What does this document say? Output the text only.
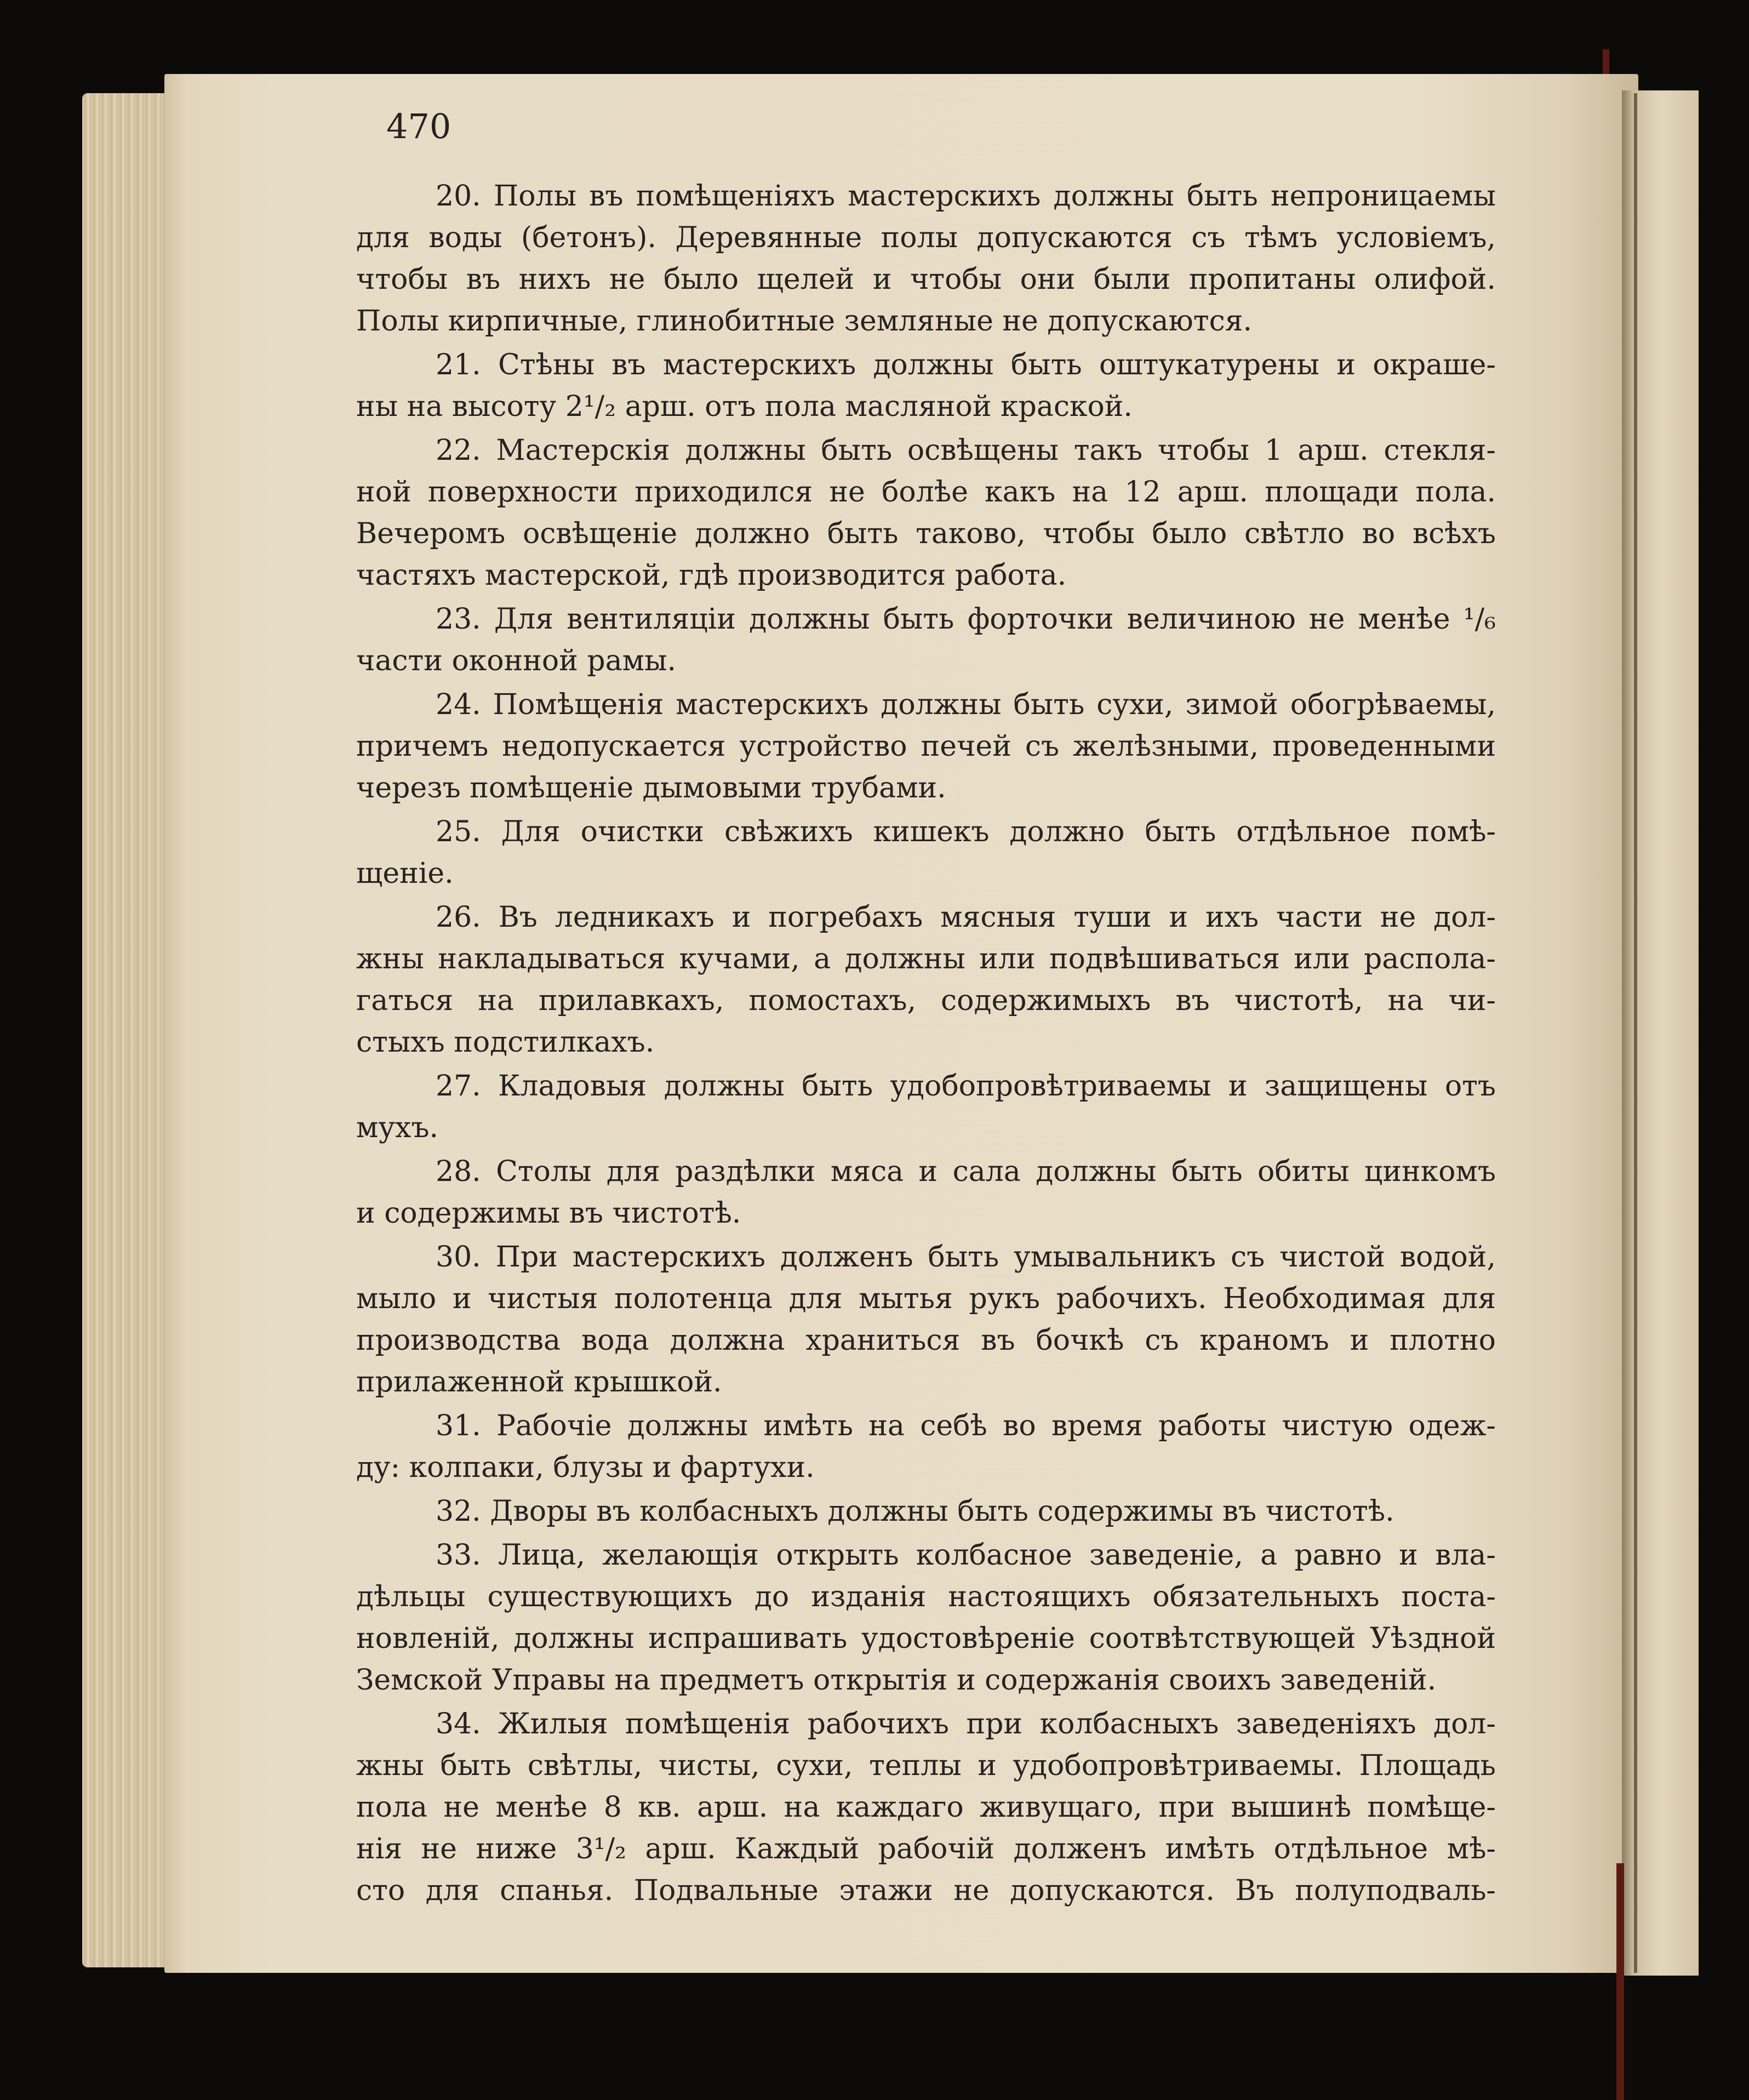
470
20. Полы въ помѣщеніяхъ мастерскихъ должны быть непроницаемы
для воды (бетонъ). Деревянные полы допускаются съ тѣмъ условіемъ,
чтобы въ нихъ не было щелей и чтобы они были пропитаны олифой.
Полы кирпичные, глинобитные земляные не допускаются.
21. Стѣны въ мастерскихъ должны быть оштукатурены и окраше-
ны на высоту 2¹/₂ арш. отъ пола масляной краской.
22. Мастерскія должны быть освѣщены такъ чтобы 1 арш. стекля-
ной поверхности приходился не болѣе какъ на 12 арш. площади пола.
Вечеромъ освѣщеніе должно быть таково, чтобы было свѣтло во всѣхъ
частяхъ мастерской, гдѣ производится работа.
23. Для вентиляціи должны быть форточки величиною не менѣе ¹/₆
части оконной рамы.
24. Помѣщенія мастерскихъ должны быть сухи, зимой обогрѣваемы,
причемъ недопускается устройство печей съ желѣзными, проведенными
черезъ помѣщеніе дымовыми трубами.
25. Для очистки свѣжихъ кишекъ должно быть отдѣльное помѣ-
щеніе.
26. Въ ледникахъ и погребахъ мясныя туши и ихъ части не дол-
жны накладываться кучами, а должны или подвѣшиваться или распола-
гаться на прилавкахъ, помостахъ, содержимыхъ въ чистотѣ, на чи-
стыхъ подстилкахъ.
27. Кладовыя должны быть удобопровѣтриваемы и защищены отъ
мухъ.
28. Столы для раздѣлки мяса и сала должны быть обиты цинкомъ
и содержимы въ чистотѣ.
30. При мастерскихъ долженъ быть умывальникъ съ чистой водой,
мыло и чистыя полотенца для мытья рукъ рабочихъ. Необходимая для
производства вода должна храниться въ бочкѣ съ краномъ и плотно
прилаженной крышкой.
31. Рабочіе должны имѣть на себѣ во время работы чистую одеж-
ду: колпаки, блузы и фартухи.
32. Дворы въ колбасныхъ должны быть содержимы въ чистотѣ.
33. Лица, желающія открыть колбасное заведеніе, а равно и вла-
дѣльцы существующихъ до изданія настоящихъ обязательныхъ поста-
новленій, должны испрашивать удостовѣреніе соотвѣтствующей Уѣздной
Земской Управы на предметъ открытія и содержанія своихъ заведеній.
34. Жилыя помѣщенія рабочихъ при колбасныхъ заведеніяхъ дол-
жны быть свѣтлы, чисты, сухи, теплы и удобопровѣтриваемы. Площадь
пола не менѣе 8 кв. арш. на каждаго живущаго, при вышинѣ помѣще-
нія не ниже 3¹/₂ арш. Каждый рабочій долженъ имѣть отдѣльное мѣ-
сто для спанья. Подвальные этажи не допускаются. Въ полуподваль-
